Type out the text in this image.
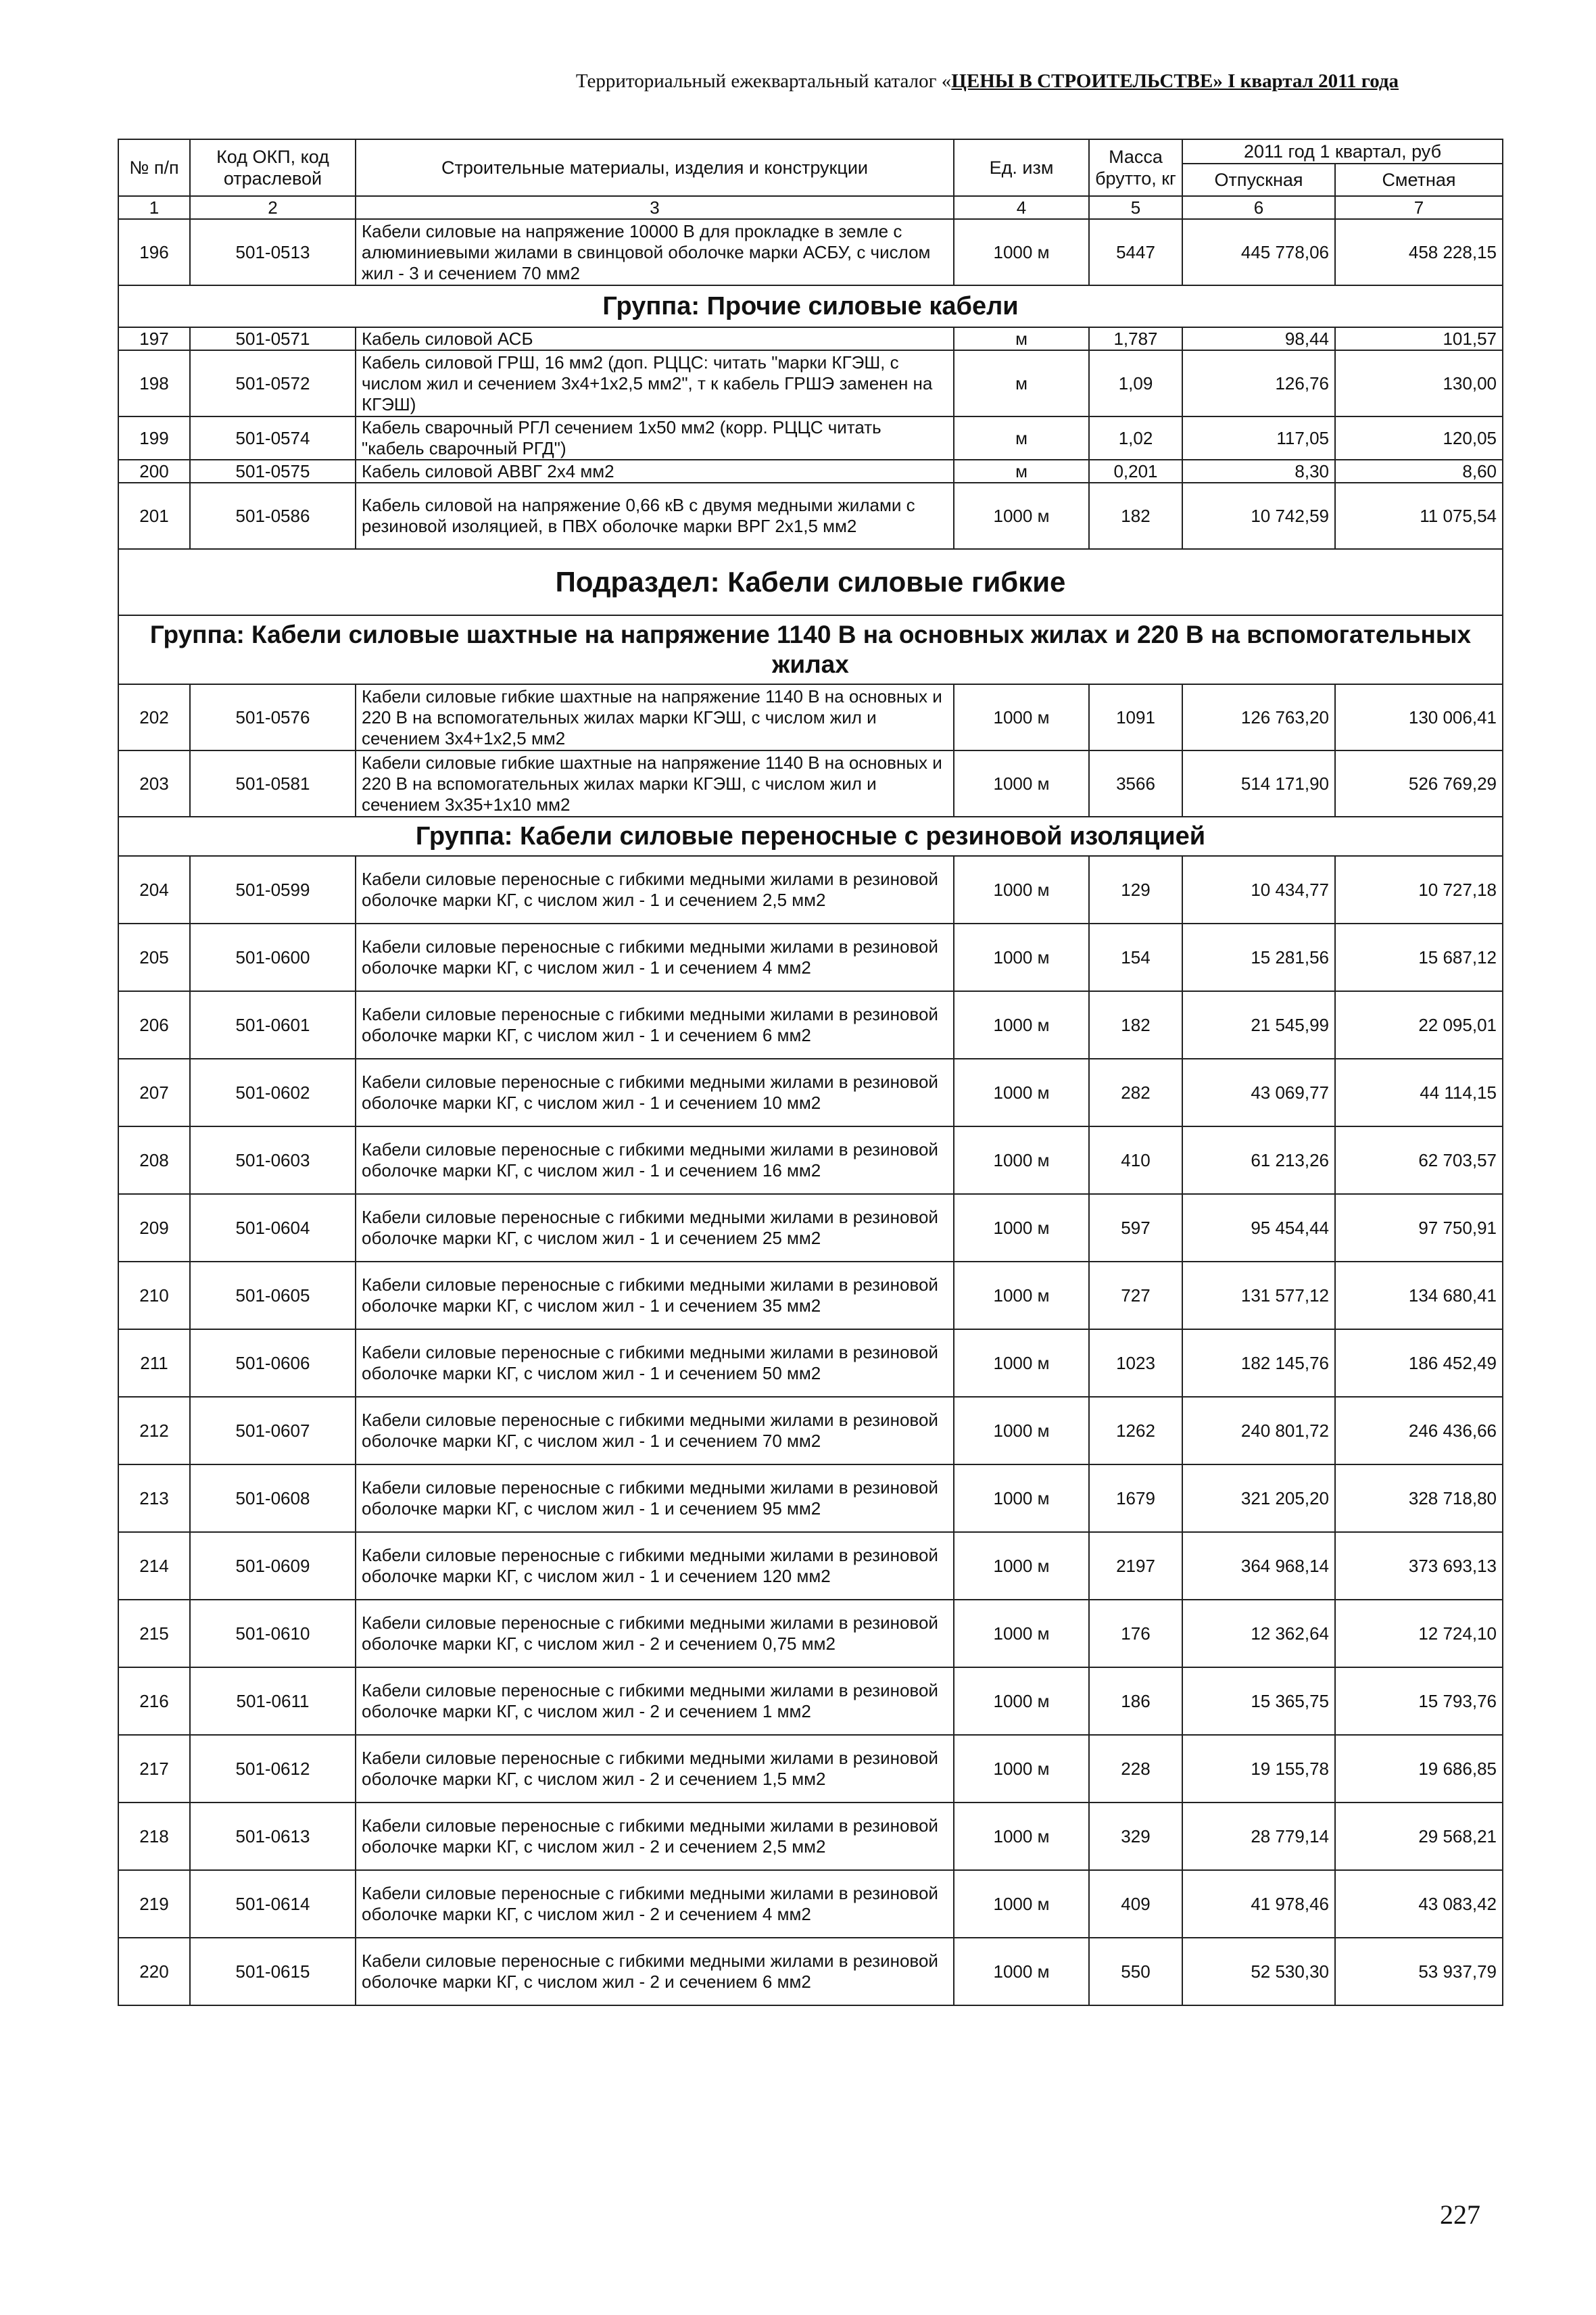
Территориальный ежеквартальный каталог «ЦЕНЫ В СТРОИТЕЛЬСТВЕ» I квартал 2011 года
№ п/п	Код ОКП, код отраслевой	Строительные материалы, изделия и конструкции	Ед. изм	Масса брутто, кг	2011 год 1 квартал, руб	
					Отпускная	Сметная
1	2	3	4	5	6	7
196	501-0513	Кабели силовые на напряжение 10000 В для прокладке в земле с алюминиевыми жилами в свинцовой оболочке марки АСБУ, с числом жил - 3 и сечением 70 мм2	1000 м	5447	445 778,06	458 228,15
Группа: Прочие силовые кабели						
197	501-0571	Кабель силовой АСБ	м	1,787	98,44	101,57
198	501-0572	Кабель силовой ГРШ, 16 мм2 (доп. РЦЦС: читать "марки КГЭШ, с числом жил и сечением 3х4+1х2,5 мм2", т к кабель ГРШЭ заменен на КГЭШ)	м	1,09	126,76	130,00
199	501-0574	Кабель сварочный РГЛ сечением 1х50 мм2 (корр. РЦЦС читать "кабель сварочный РГД")	м	1,02	117,05	120,05
200	501-0575	Кабель силовой АВВГ 2х4 мм2	м	0,201	8,30	8,60
201	501-0586	Кабель силовой на напряжение 0,66 кВ с двумя медными жилами с резиновой изоляцией, в ПВХ оболочке марки ВРГ 2х1,5 мм2	1000 м	182	10 742,59	11 075,54
Подраздел: Кабели силовые гибкие						
Группа: Кабели силовые шахтные на напряжение 1140 В на основных жилах и 220 В на вспомогательных жилах						
202	501-0576	Кабели силовые гибкие шахтные на напряжение 1140 В на основных и 220 В на вспомогательных жилах марки КГЭШ, с числом жил и сечением 3х4+1х2,5 мм2	1000 м	1091	126 763,20	130 006,41
203	501-0581	Кабели силовые гибкие шахтные на напряжение 1140 В на основных и 220 В на вспомогательных жилах марки КГЭШ, с числом жил и сечением 3х35+1х10 мм2	1000 м	3566	514 171,90	526 769,29
Группа: Кабели силовые переносные с резиновой изоляцией						
204	501-0599	Кабели силовые переносные с гибкими медными жилами в резиновой оболочке марки КГ, с числом жил - 1 и сечением 2,5 мм2	1000 м	129	10 434,77	10 727,18
205	501-0600	Кабели силовые переносные с гибкими медными жилами в резиновой оболочке марки КГ, с числом жил - 1 и сечением 4 мм2	1000 м	154	15 281,56	15 687,12
206	501-0601	Кабели силовые переносные с гибкими медными жилами в резиновой оболочке марки КГ, с числом жил - 1 и сечением 6 мм2	1000 м	182	21 545,99	22 095,01
207	501-0602	Кабели силовые переносные с гибкими медными жилами в резиновой оболочке марки КГ, с числом жил - 1 и сечением 10 мм2	1000 м	282	43 069,77	44 114,15
208	501-0603	Кабели силовые переносные с гибкими медными жилами в резиновой оболочке марки КГ, с числом жил - 1 и сечением 16 мм2	1000 м	410	61 213,26	62 703,57
209	501-0604	Кабели силовые переносные с гибкими медными жилами в резиновой оболочке марки КГ, с числом жил - 1 и сечением 25 мм2	1000 м	597	95 454,44	97 750,91
210	501-0605	Кабели силовые переносные с гибкими медными жилами в резиновой оболочке марки КГ, с числом жил - 1 и сечением 35 мм2	1000 м	727	131 577,12	134 680,41
211	501-0606	Кабели силовые переносные с гибкими медными жилами в резиновой оболочке марки КГ, с числом жил - 1 и сечением 50 мм2	1000 м	1023	182 145,76	186 452,49
212	501-0607	Кабели силовые переносные с гибкими медными жилами в резиновой оболочке марки КГ, с числом жил - 1 и сечением 70 мм2	1000 м	1262	240 801,72	246 436,66
213	501-0608	Кабели силовые переносные с гибкими медными жилами в резиновой оболочке марки КГ, с числом жил - 1 и сечением 95 мм2	1000 м	1679	321 205,20	328 718,80
214	501-0609	Кабели силовые переносные с гибкими медными жилами в резиновой оболочке марки КГ, с числом жил - 1 и сечением 120 мм2	1000 м	2197	364 968,14	373 693,13
215	501-0610	Кабели силовые переносные с гибкими медными жилами в резиновой оболочке марки КГ, с числом жил - 2 и сечением 0,75 мм2	1000 м	176	12 362,64	12 724,10
216	501-0611	Кабели силовые переносные с гибкими медными жилами в резиновой оболочке марки КГ, с числом жил - 2 и сечением 1 мм2	1000 м	186	15 365,75	15 793,76
217	501-0612	Кабели силовые переносные с гибкими медными жилами в резиновой оболочке марки КГ, с числом жил - 2 и сечением 1,5 мм2	1000 м	228	19 155,78	19 686,85
218	501-0613	Кабели силовые переносные с гибкими медными жилами в резиновой оболочке марки КГ, с числом жил - 2 и сечением 2,5 мм2	1000 м	329	28 779,14	29 568,21
219	501-0614	Кабели силовые переносные с гибкими медными жилами в резиновой оболочке марки КГ, с числом жил - 2 и сечением 4 мм2	1000 м	409	41 978,46	43 083,42
220	501-0615	Кабели силовые переносные с гибкими медными жилами в резиновой оболочке марки КГ, с числом жил - 2 и сечением 6 мм2	1000 м	550	52 530,30	53 937,79
227
